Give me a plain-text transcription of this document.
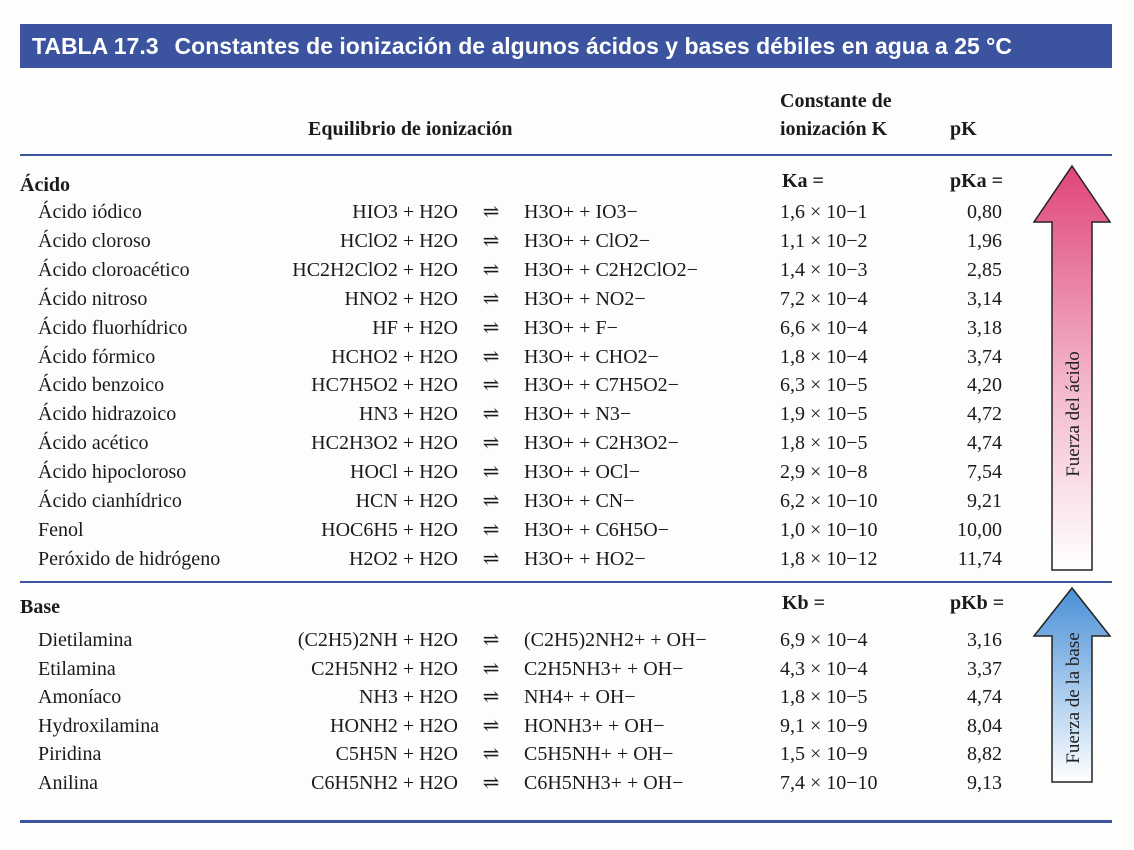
TABLA 17.3 Constantes de ionización de algunos ácidos y bases débiles en agua a 25 °C
Equilibrio de ionización
Constante de
ionización K	pK
Ácido	Ka =	pKa =
Ácido iódico	HIO3 + H2O	⇌	H3O+ + IO3−	1,6 × 10−1	0,80
Ácido cloroso	HClO2 + H2O	⇌	H3O+ + ClO2−	1,1 × 10−2	1,96
Ácido cloroacético	HC2H2ClO2 + H2O	⇌	H3O+ + C2H2ClO2−	1,4 × 10−3	2,85
Ácido nitroso	HNO2 + H2O	⇌	H3O+ + NO2−	7,2 × 10−4	3,14
Ácido fluorhídrico	HF + H2O	⇌	H3O+ + F−	6,6 × 10−4	3,18
Ácido fórmico	HCHO2 + H2O	⇌	H3O+ + CHO2−	1,8 × 10−4	3,74
Ácido benzoico	HC7H5O2 + H2O	⇌	H3O+ + C7H5O2−	6,3 × 10−5	4,20
Ácido hidrazoico	HN3 + H2O	⇌	H3O+ + N3−	1,9 × 10−5	4,72
Ácido acético	HC2H3O2 + H2O	⇌	H3O+ + C2H3O2−	1,8 × 10−5	4,74
Ácido hipocloroso	HOCl + H2O	⇌	H3O+ + OCl−	2,9 × 10−8	7,54
Ácido cianhídrico	HCN + H2O	⇌	H3O+ + CN−	6,2 × 10−10	9,21
Fenol	HOC6H5 + H2O	⇌	H3O+ + C6H5O−	1,0 × 10−10	10,00
Peróxido de hidrógeno	H2O2 + H2O	⇌	H3O+ + HO2−	1,8 × 10−12	11,74
Base	Kb =	pKb =
Dietilamina	(C2H5)2NH + H2O	⇌	(C2H5)2NH2+ + OH−	6,9 × 10−4	3,16
Etilamina	C2H5NH2 + H2O	⇌	C2H5NH3+ + OH−	4,3 × 10−4	3,37
Amoníaco	NH3 + H2O	⇌	NH4+ + OH−	1,8 × 10−5	4,74
Hydroxilamina	HONH2 + H2O	⇌	HONH3+ + OH−	9,1 × 10−9	8,04
Piridina	C5H5N + H2O	⇌	C5H5NH+ + OH−	1,5 × 10−9	8,82
Anilina	C6H5NH2 + H2O	⇌	C6H5NH3+ + OH−	7,4 × 10−10	9,13
Fuerza del ácido
Fuerza de la base
